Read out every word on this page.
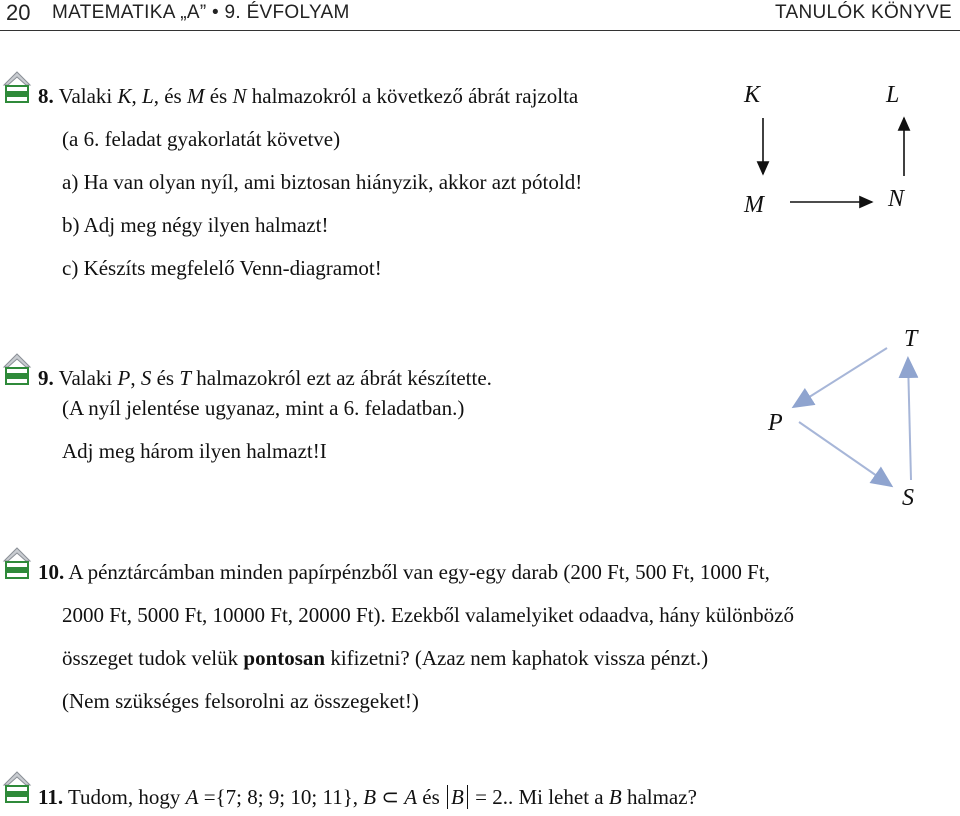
20 MATEMATIKA „A” • 9. ÉVFOLYAM	TANULÓK KÖNYVE
8. Valaki K, L, és M és N halmazokról a következő ábrát rajzolta
(a 6. feladat gyakorlatát követve)
a) Ha van olyan nyíl, ami biztosan hiányzik, akkor azt pótold!
b) Adj meg négy ilyen halmazt!
c) Készíts megfelelő Venn-diagramot!
K	L
M	N
9. Valaki P, S és T halmazokról ezt az ábrát készítette.
(A nyíl jelentése ugyanaz, mint a 6. feladatban.)
Adj meg három ilyen halmazt!I
T
P
S
10. A pénztárcámban minden papírpénzből van egy-egy darab (200 Ft, 500 Ft, 1000 Ft,
2000 Ft, 5000 Ft, 10000 Ft, 20000 Ft). Ezekből valamelyiket odaadva, hány különböző
összeget tudok velük pontosan kifizetni? (Azaz nem kaphatok vissza pénzt.)
(Nem szükséges felsorolni az összegeket!)
11. Tudom, hogy A ={7; 8; 9; 10; 11}, B ⊂ A és B = 2.. Mi lehet a B halmaz?
